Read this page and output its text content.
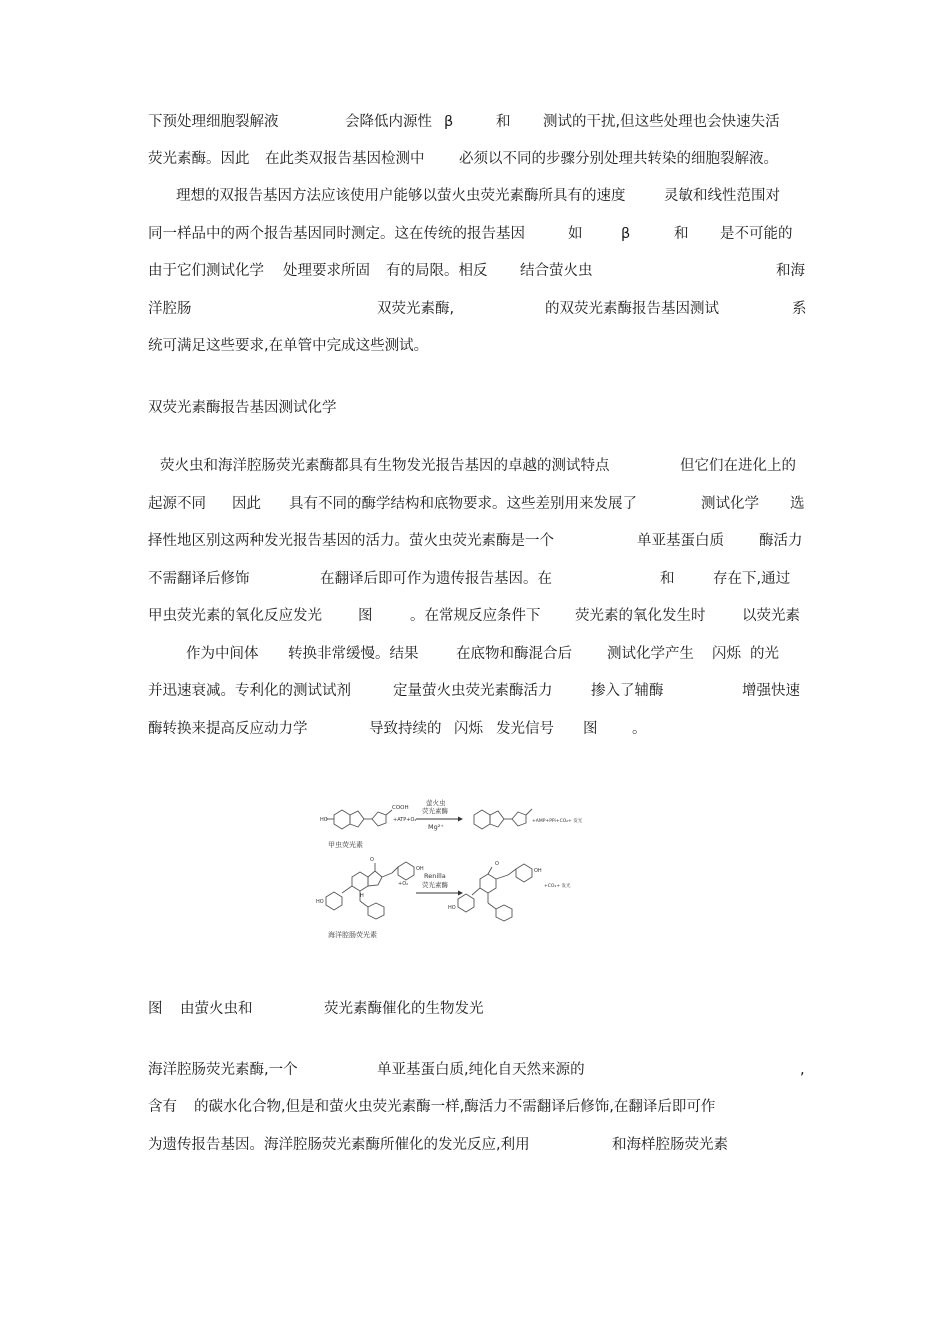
下预处理细胞裂解液	会降低内源性 β	和 测试的干扰,但这些处理也会快速失活
荧光素酶。因此 在此类双报告基因检测中 必须以不同的步骤分别处理共转染的细胞裂解液。
理想的双报告基因方法应该使用户能够以萤火虫荧光素酶所具有的速度	灵敏和线性范围对
同一样品中的两个报告基因同时测定。这在传统的报告基因	如	β	和 是不可能的
由于它们测试化学 处理要求所固 有的局限。相反 结合萤火虫	和海
洋腔肠	双荧光素酶,	的双荧光素酶报告基因测试	系
统可满足这些要求,在单管中完成这些测试。
双荧光素酶报告基因测试化学
荧火虫和海洋腔肠荧光素酶都具有生物发光报告基因的卓越的测试特点	但它们在进化上的
起源不同 因此 具有不同的酶学结构和底物要求。这些差别用来发展了	测试化学 选
择性地区别这两种发光报告基因的活力。萤火虫荧光素酶是一个	单亚基蛋白质 酶活力
不需翻译后修饰	在翻译后即可作为遗传报告基因。在	和	存在下,通过
甲虫荧光素的氧化反应发光 图	。在常规反应条件下 荧光素的氧化发生时	以荧光素
作为中间体 转换非常缓慢。结果	在底物和酶混合后 测试化学产生 闪烁 的光
并迅速衰减。专利化的测试试剂	定量萤火虫荧光素酶活力	掺入了辅酶	增强快速
酶转换来提高反应动力学	导致持续的 闪烁 发光信号 图 。
图 由萤火虫和	荧光素酶催化的生物发光
海洋腔肠荧光素酶,一个	单亚基蛋白质,纯化自天然来源的	,
含有 的碳水化合物,但是和萤火虫荧光素酶一样,酶活力不需翻译后修饰,在翻译后即可作
为遗传报告基因。海洋腔肠荧光素酶所催化的发光反应,利用	和海样腔肠荧光素
HO
COOH
+ATP+O₂
甲虫荧光素
萤火虫
荧光素酶
Mg²⁺
+AMP+PPi+CO₂+ 发光
HO
OH
O
H
+O₂
海洋腔肠荧光素
Renilla
荧光素酶
O
HO
OH
+CO₂+ 发光
